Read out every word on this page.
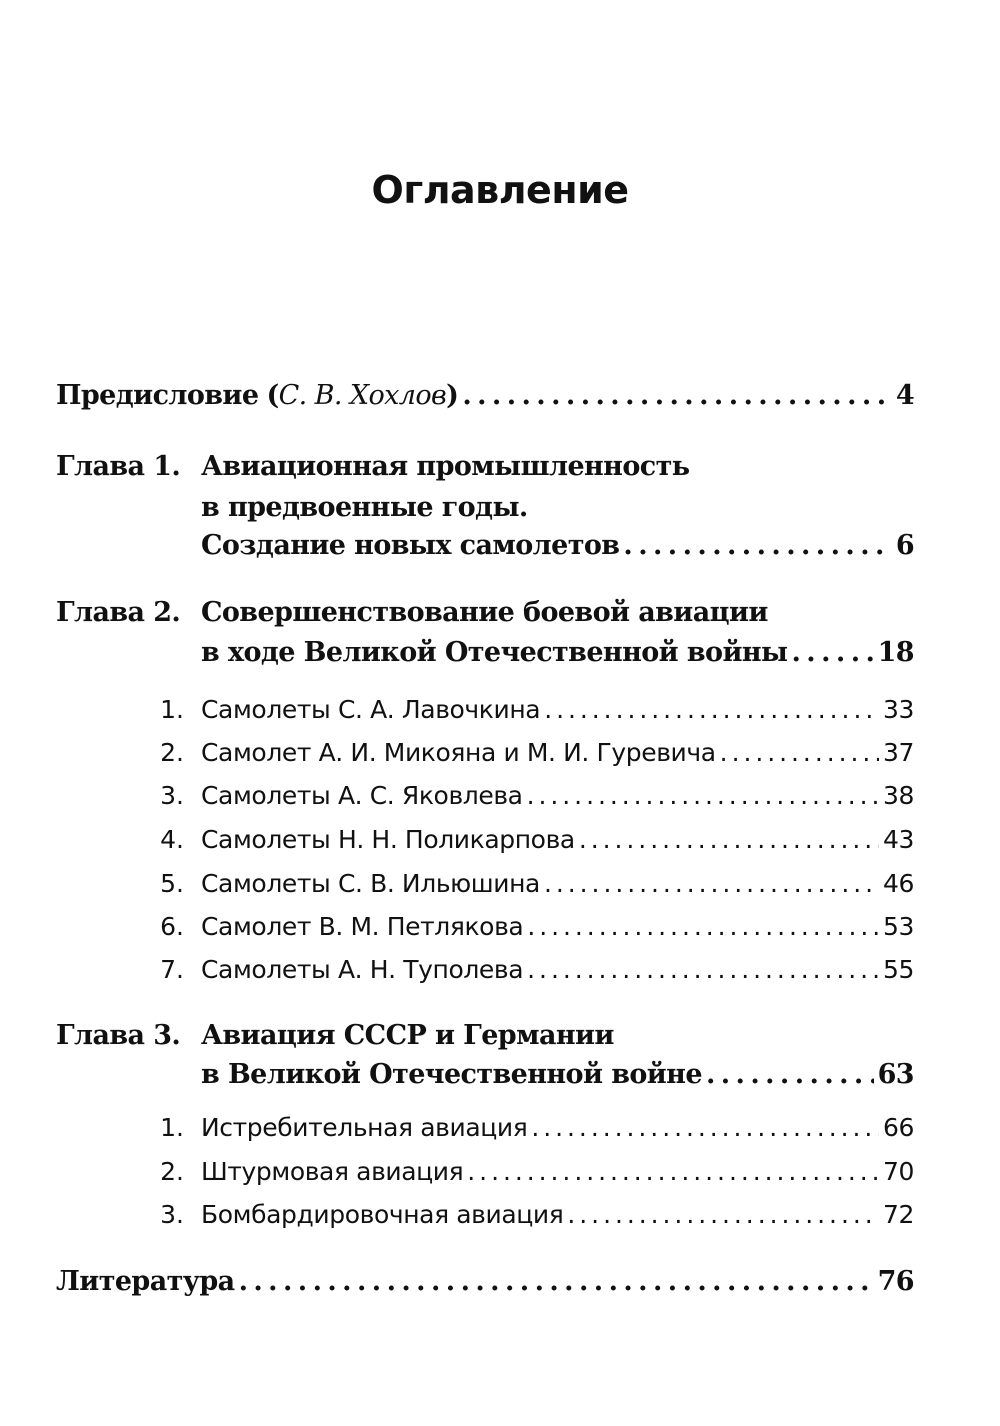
Оглавление
Предисловие (С. В. Хохлов) . . .	4
Глава 1. Авиационная промышленность
в предвоенные годы.
Создание новых самолетов . . .	6
Глава 2. Совершенствование боевой авиации
в ходе Великой Отечественной войны . . .	18
1. Самолеты С. А. Лавочкина . . .	33
2. Самолет А. И. Микояна и М. И. Гуревича . . .	37
3. Самолеты А. С. Яковлева . . .	38
4. Самолеты Н. Н. Поликарпова . . .	43
5. Самолеты С. В. Ильюшина . . .	46
6. Самолет В. М. Петлякова . . .	53
7. Самолеты А. Н. Туполева . . .	55
Глава 3. Авиация СССР и Германии
в Великой Отечественной войне . . .	63
1. Истребительная авиация . . .	66
2. Штурмовая авиация . . .	70
3. Бомбардировочная авиация . . .	72
Литература . . .	76
